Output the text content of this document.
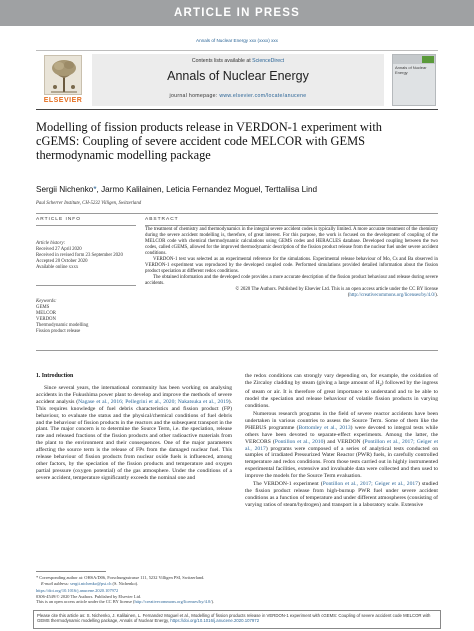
ARTICLE IN PRESS
Annals of Nuclear Energy xxx (xxxx) xxx
ELSEVIER
Contents lists available at ScienceDirect
Annals of Nuclear Energy
journal homepage: www.elsevier.com/locate/anucene
Annals of Nuclear Energy
Modelling of fission products release in VERDON-1 experiment with cGEMS: Coupling of severe accident code MELCOR with GEMS thermodynamic modelling package
Sergii Nichenko*, Jarmo Kalilainen, Leticia Fernandez Moguel, Terttaliisa Lind
Paul Scherrer Institute, CH-5232 Villigen, Switzerland
ARTICLE INFO	ABSTRACT
Article history:
Received 27 April 2020
Received in revised form 23 September 2020
Accepted 20 October 2020
Available online xxxx
Keywords:
GEMS
MELCOR
VERDON
Thermodynamic modelling
Fission product release

The treatment of chemistry and thermodynamics in the integral severe accident codes is typically limited. A more accurate treatment of the chemistry during the severe accident modelling is, therefore, of great interest. For this purpose, the work is focused on the development of coupling of the MELCOR code with chemical thermodynamic calculations using GEMS codes and HERACLES database. Developed coupling between the two codes, called cGEMS, allowed for the improved thermodynamic description of the fission product release from the nuclear fuel under severe accident conditions.

VERDON-1 test was selected as an experimental reference for the simulations. Experimental release behaviour of Mo, Cs and Ba observed in VERDON-1 experiment was reproduced by the developed coupled code. Performed simulations provided detailed information about the fission product speciation at different redox conditions.

The obtained information and the developed code provides a more accurate description of the fission product behaviour and release during severe accidents.

© 2020 The Authors. Published by Elsevier Ltd. This is an open access article under the CC BY license (http://creativecommons.org/licenses/by/4.0/).

1. Introduction

Since several years, the international community has been working on analysing accidents in the Fukushima power plant to develop and improve the methods of severe accident analysis (Nagase et al., 2016; Pellegrini et al., 2020; Nakatsuka et al., 2019). This requires knowledge of fuel debris characteristics and fission product (FP) behaviour, to evaluate the status and the physical/chemical conditions of fuel debris and the behaviour of fission products in the reactors and the subsequent transport in the plant. The major concern is to determine the Source Term, i.e. the speciation, release rate and released fractions of the fission products and other radioactive materials from the plant to the environment and their consequences. One of the major parameters affecting the source term is the release of FPs from the damaged nuclear fuel. This release behaviour of fission products from nuclear oxide fuels is influenced, among other factors, by the speciation of the fission products and temperature and oxygen partial pressure (oxygen potential) of the gas atmosphere. Under the conditions of a severe accident, temperature significantly exceeds the nominal one and

the redox conditions can strongly vary depending on, for example, the oxidation of the Zircaloy cladding by steam (giving a large amount of $H_2$) followed by the ingress of steam or air. It is therefore of great importance to understand and to be able to model the speciation and release behaviour of volatile fission products in varying conditions.

Numerous research programs in the field of severe reactor accidents have been undertaken in various countries to assess the Source Term. Some of them like the PHEBUS programme (Bottomley et al., 2013) were devoted to integral tests while others have been devoted to separate-effect experiments. Among the latter, the VERCORS (Pontillon et al., 2010) and VERDON (Pontillon et al., 2017; Geiger et al., 2017) programs were composed of a series of analytical tests conducted on samples of irradiated Pressurized Water Reactor (PWR) fuels, in carefully controlled temperature and redox conditions. From those tests carried out in highly instrumented experimental facilities, extensive and invaluable data were collected and then used to improve the models for the Source Term evaluation.

The VERDON-1 experiment (Pontillon et al., 2017; Geiger et al., 2017) studied the fission product release from high-burnup PWR fuel under severe accident conditions as a function of temperature and under different atmospheres (consisting of varying ratios of steam/hydrogen) and transport in a laboratory scale. Extensive

* Corresponding author at: OHSA/D06, Forschungsstrasse 111, 5232 Villigen PSI, Switzerland.
E-mail address: sergii.nichenko@psi.ch (S. Nichenko).
https://doi.org/10.1016/j.anucene.2020.107972
0306-4549/© 2020 The Authors. Published by Elsevier Ltd.
This is an open access article under the CC BY license (http://creativecommons.org/licenses/by/4.0/).
Please cite this article as: S. Nichenko, J. Kalilainen, L. Fernandez Moguel et al., Modelling of fission products release in VERDON-1 experiment with cGEMS: Coupling of severe accident code MELCOR with GEMS thermodynamic modelling package, Annals of Nuclear Energy, https://doi.org/10.1016/j.anucene.2020.107972
